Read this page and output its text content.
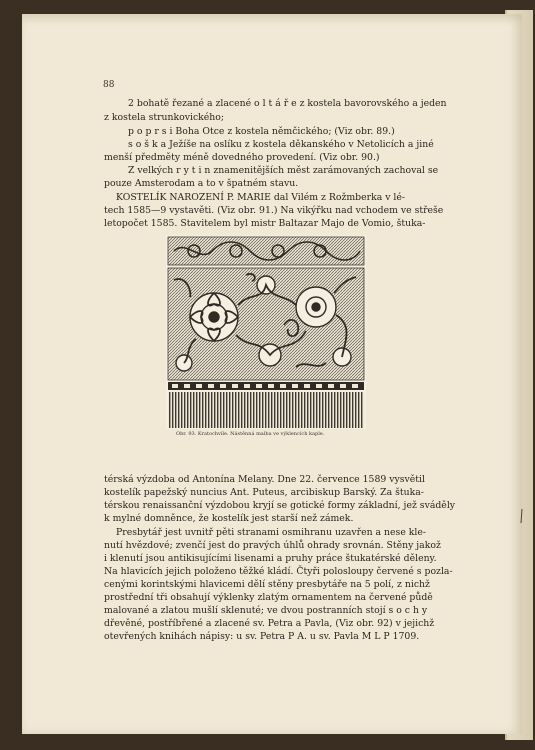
88
2 bohatě řezané a zlacené o l t á ř e z kostela bavorovského a jeden
z kostela strunkovického;
p o p r s i Boha Otce z kostela němčického; (Viz obr. 89.)
s o š k a Ježíše na oslíku z kostela děkanského v Netolicích a jiné
menší předměty méně dovedného provedení. (Viz obr. 90.)
Z velkých r y t i n znamenitějších měst zarámovaných zachoval se
pouze Amsterodam a to v špatném stavu.
KOSTELÍK NAROZENÍ P. MARIE dal Vilém z Rožmberka v lé-
tech 1585—9 vystavěti. (Viz obr. 91.) Na vikýřku nad vchodem ve střeše
letopočet 1585. Stavitelem byl mistr Baltazar Majo de Vomio, štuka-
Obr. 93. Kratochvíle. Nástěnná malba ve výklencích kaple.
térská výzdoba od Antonína Melany. Dne 22. července 1589 vysvětil
kostelík papežský nuncius Ant. Puteus, arcibiskup Barský. Za štuka-
térskou renaissanční výzdobou kryjí se gotické formy základní, jež sváděly
k mylné domněnce, že kostelík jest starší než zámek.
Presbytář jest uvnitř pěti stranami osmihranu uzavřen a nese kle-
nutí hvězdové; zvenčí jest do pravých úhlů ohrady srovnán. Stěny jakož
i klenutí jsou antikisujícími lisenami a pruhy práce štukatérské děleny.
Na hlavicích jejich položeno těžké kládí. Čtyři polosloupy červené s pozla-
cenými korintskými hlavicemi dělí stěny presbytáře na 5 polí, z nichž
prostřední tři obsahují výklenky zlatým ornamentem na červené půdě
malované a zlatou mušlí sklenuté; ve dvou postranních stojí s o c h y
dřevěné, postříbřené a zlacené sv. Petra a Pavla, (Viz obr. 92) v jejichž
otevřených knihách nápisy: u sv. Petra P A. u sv. Pavla M L P 1709.
